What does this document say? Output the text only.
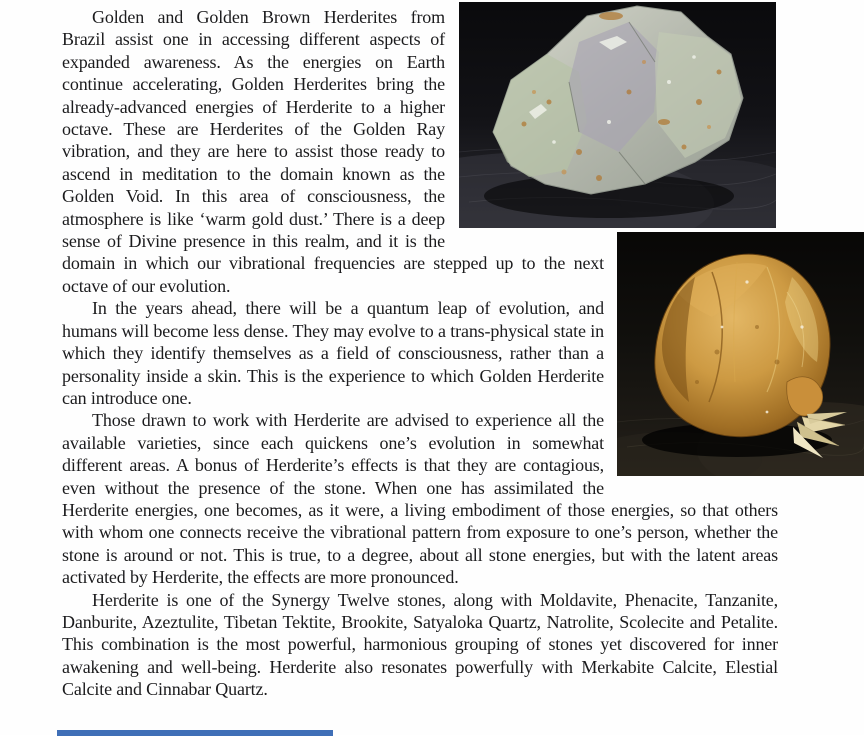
Golden and Golden Brown Herderites from Brazil assist one in accessing different aspects of expanded awareness. As the energies on Earth continue accelerating, Golden Herderites bring the already-advanced energies of Herderite to a higher octave. These are Herderites of the Golden Ray vibration, and they are here to assist those ready to ascend in meditation to the domain known as the Golden Void. In this area of consciousness, the atmosphere is like ‘warm gold dust.’ There is a deep sense of Divine presence in this realm, and it is the domain in which our vibrational frequencies are stepped up to the next octave of our evolution.

In the years ahead, there will be a quantum leap of evolution, and humans will become less dense. They may evolve to a trans-physical state in which they identify themselves as a field of consciousness, rather than a personality inside a skin. This is the experience to which Golden Herderite can introduce one.

Those drawn to work with Herderite are advised to experience all the available varieties, since each quickens one’s evolution in somewhat different areas. A bonus of Herderite’s effects is that they are contagious, even without the presence of the stone. When one has assimilated the Herderite energies, one becomes, as it were, a living embodiment of those energies, so that others with whom one connects receive the vibrational pattern from exposure to one’s person, whether the stone is around or not. This is true, to a degree, about all stone energies, but with the latent areas activated by Herderite, the effects are more pronounced.

Herderite is one of the Synergy Twelve stones, along with Moldavite, Phenacite, Tanzanite, Danburite, Azeztulite, Tibetan Tektite, Brookite, Satyaloka Quartz, Natrolite, Scolecite and Petalite. This combination is the most powerful, harmonious grouping of stones yet discovered for inner awakening and well-being. Herderite also resonates powerfully with Merkabite Calcite, Elestial Calcite and Cinnabar Quartz.
